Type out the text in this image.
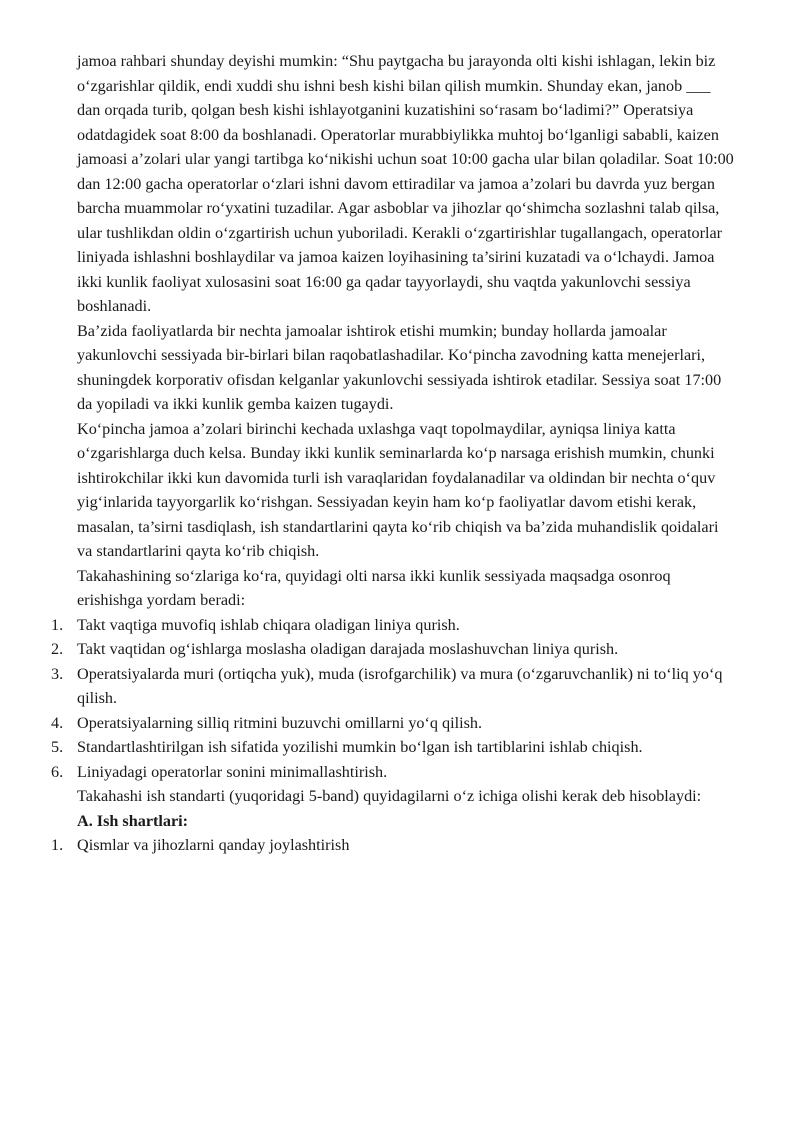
jamoa rahbari shunday deyishi mumkin: “Shu paytgacha bu jarayonda olti kishi ishlagan, lekin biz o‘zgarishlar qildik, endi xuddi shu ishni besh kishi bilan qilish mumkin. Shunday ekan, janob ___ dan orqada turib, qolgan besh kishi ishlayotganini kuzatishini so‘rasam bo‘ladimi?” Operatsiya odatdagidek soat 8:00 da boshlanadi. Operatorlar murabbiylikka muhtoj bo‘lganligi sababli, kaizen jamoasi a’zolari ular yangi tartibga ko‘nikishi uchun soat 10:00 gacha ular bilan qoladilar. Soat 10:00 dan 12:00 gacha operatorlar o‘zlari ishni davom ettiradilar va jamoa a’zolari bu davrda yuz bergan barcha muammolar ro‘yxatini tuzadilar. Agar asboblar va jihozlar qo‘shimcha sozlashni talab qilsa, ular tushlikdan oldin o‘zgartirish uchun yuboriladi. Kerakli o‘zgartirishlar tugallangach, operatorlar liniyada ishlashni boshlaydilar va jamoa kaizen loyihasining ta’sirini kuzatadi va o‘lchaydi. Jamoa ikki kunlik faoliyat xulosasini soat 16:00 ga qadar tayyorlaydi, shu vaqtda yakunlovchi sessiya boshlanadi.

Ba’zida faoliyatlarda bir nechta jamoalar ishtirok etishi mumkin; bunday hollarda jamoalar yakunlovchi sessiyada bir-birlari bilan raqobatlashadilar. Ko‘pincha zavodning katta menejerlari, shuningdek korporativ ofisdan kelganlar yakunlovchi sessiyada ishtirok etadilar. Sessiya soat 17:00 da yopiladi va ikki kunlik gemba kaizen tugaydi.

Ko‘pincha jamoa a’zolari birinchi kechada uxlashga vaqt topolmaydilar, ayniqsa liniya katta o‘zgarishlarga duch kelsa. Bunday ikki kunlik seminarlarda ko‘p narsaga erishish mumkin, chunki ishtirokchilar ikki kun davomida turli ish varaqlaridan foydalanadilar va oldindan bir nechta o‘quv yig‘inlarida tayyorgarlik ko‘rishgan. Sessiyadan keyin ham ko‘p faoliyatlar davom etishi kerak, masalan, ta’sirni tasdiqlash, ish standartlarini qayta ko‘rib chiqish va ba’zida muhandislik qoidalari va standartlarini qayta ko‘rib chiqish.

Takahashining so‘zlariga ko‘ra, quyidagi olti narsa ikki kunlik sessiyada maqsadga osonroq erishishga yordam beradi:

1. Takt vaqtiga muvofiq ishlab chiqara oladigan liniya qurish.
2. Takt vaqtidan og‘ishlarga moslasha oladigan darajada moslashuvchan liniya qurish.
3. Operatsiyalarda muri (ortiqcha yuk), muda (isrofgarchilik) va mura (o‘zgaruvchanlik) ni to‘liq yo‘q qilish.
4. Operatsiyalarning silliq ritmini buzuvchi omillarni yo‘q qilish.
5. Standartlashtirilgan ish sifatida yozilishi mumkin bo‘lgan ish tartiblarini ishlab chiqish.
6. Liniyadagi operatorlar sonini minimallashtirish.

Takahashi ish standarti (yuqoridagi 5-band) quyidagilarni o‘z ichiga olishi kerak deb hisoblaydi:

A. Ish shartlari:

1. Qismlar va jihozlarni qanday joylashtirish
